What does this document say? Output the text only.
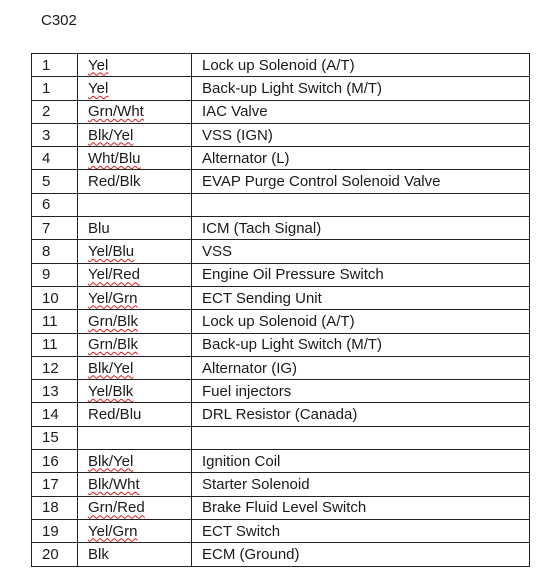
C302
1	Yel	Lock up Solenoid (A/T)
1	Yel	Back-up Light Switch (M/T)
2	Grn/Wht	IAC Valve
3	Blk/Yel	VSS (IGN)
4	Wht/Blu	Alternator (L)
5	Red/Blk	EVAP Purge Control Solenoid Valve
6		
7	Blu	ICM (Tach Signal)
8	Yel/Blu	VSS
9	Yel/Red	Engine Oil Pressure Switch
10	Yel/Grn	ECT Sending Unit
11	Grn/Blk	Lock up Solenoid (A/T)
11	Grn/Blk	Back-up Light Switch (M/T)
12	Blk/Yel	Alternator (IG)
13	Yel/Blk	Fuel injectors
14	Red/Blu	DRL Resistor (Canada)
15		
16	Blk/Yel	Ignition Coil
17	Blk/Wht	Starter Solenoid
18	Grn/Red	Brake Fluid Level Switch
19	Yel/Grn	ECT Switch
20	Blk	ECM (Ground)
